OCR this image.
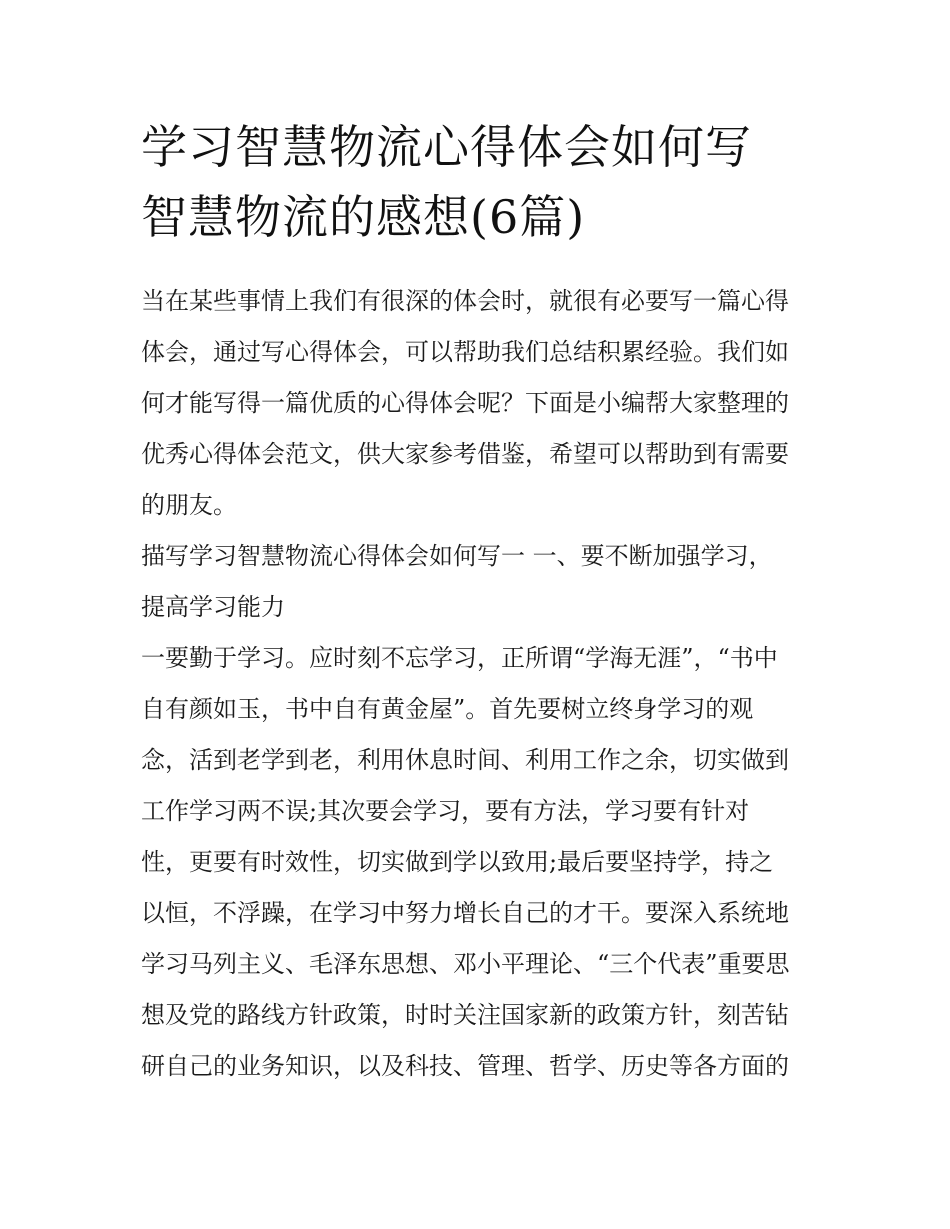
学习智慧物流心得体会如何写
智慧物流的感想(6篇)
当在某些事情上我们有很深的体会时，就很有必要写一篇心得
体会，通过写心得体会，可以帮助我们总结积累经验。我们如
何才能写得一篇优质的心得体会呢？下面是小编帮大家整理的
优秀心得体会范文，供大家参考借鉴，希望可以帮助到有需要
的朋友。
描写学习智慧物流心得体会如何写一 一、要不断加强学习，
提高学习能力
一要勤于学习。应时刻不忘学习，正所谓“学海无涯”，“书中
自有颜如玉，书中自有黄金屋”。首先要树立终身学习的观
念，活到老学到老，利用休息时间、利用工作之余，切实做到
工作学习两不误;其次要会学习，要有方法，学习要有针对
性，更要有时效性，切实做到学以致用;最后要坚持学，持之
以恒，不浮躁，在学习中努力增长自己的才干。要深入系统地
学习马列主义、毛泽东思想、邓小平理论、“三个代表”重要思
想及党的路线方针政策，时时关注国家新的政策方针，刻苦钻
研自己的业务知识，以及科技、管理、哲学、历史等各方面的
